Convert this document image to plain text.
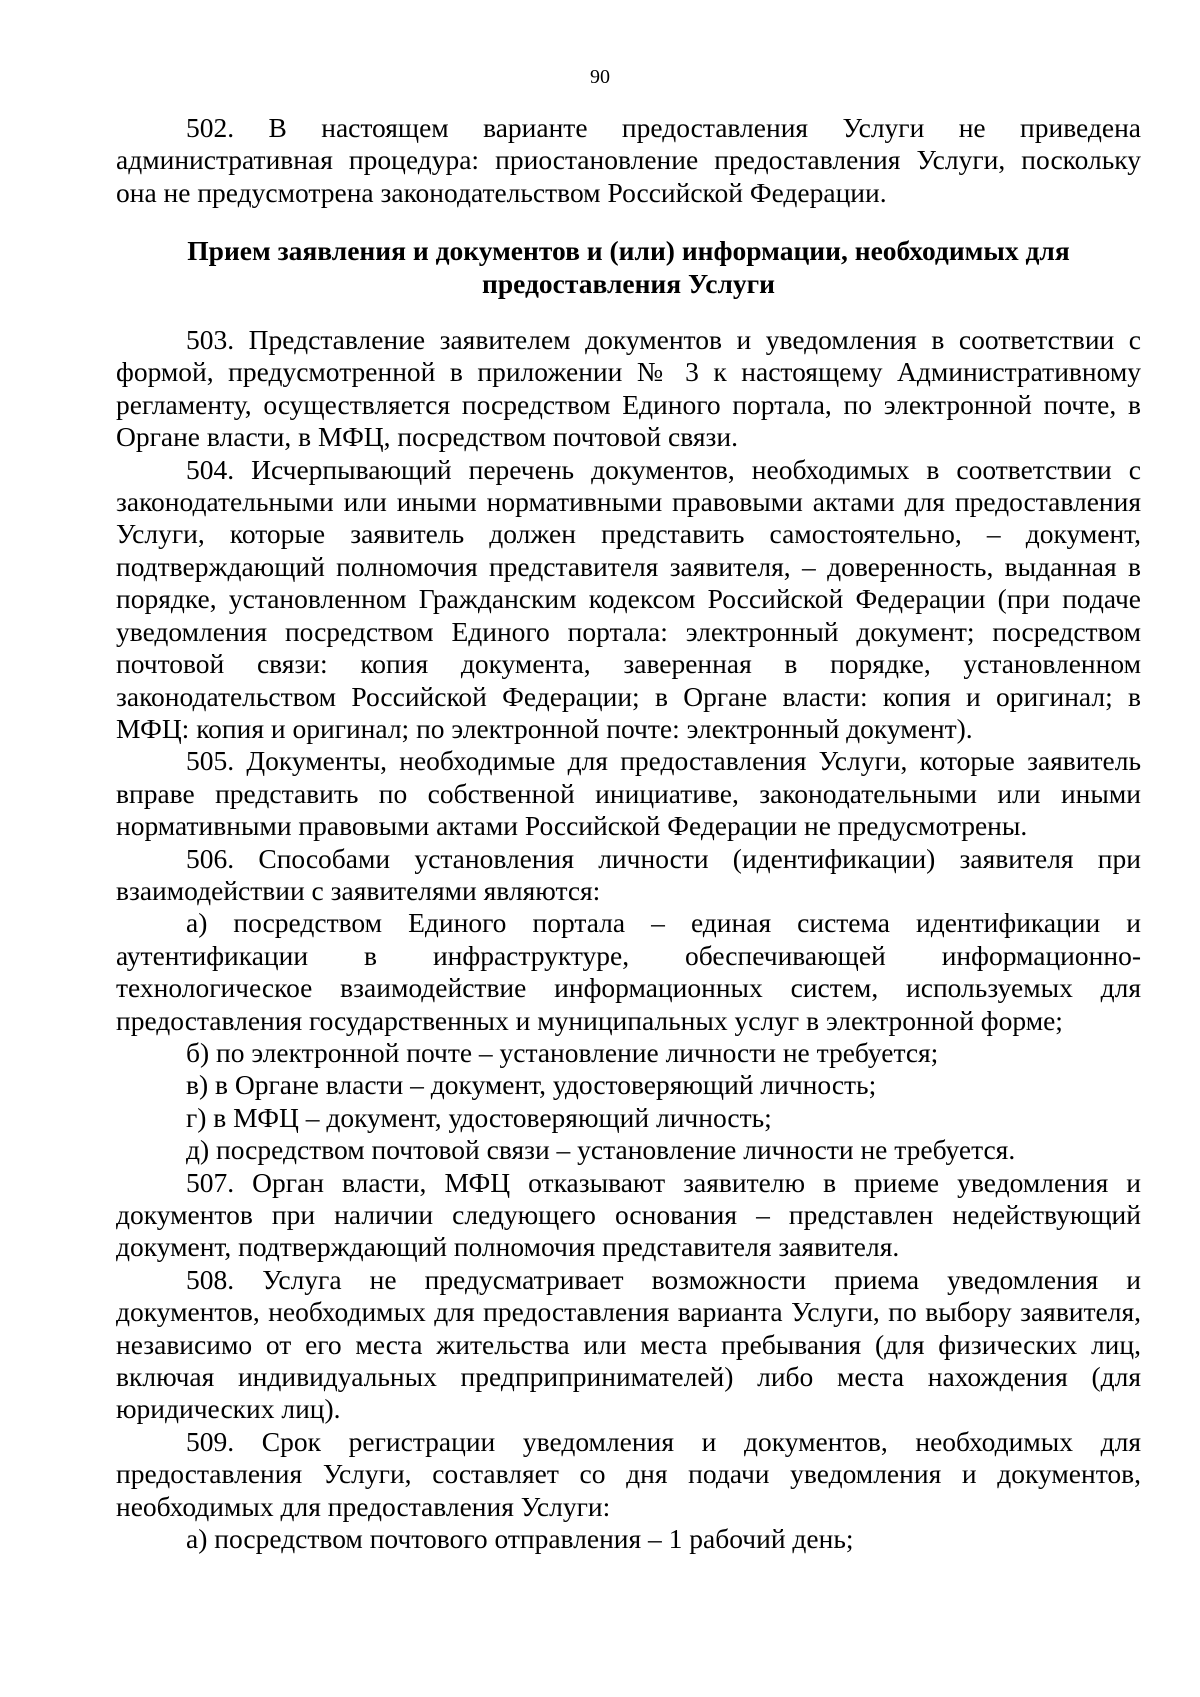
90

502. В настоящем варианте предоставления Услуги не приведена административная процедура: приостановление предоставления Услуги, поскольку она не предусмотрена законодательством Российской Федерации.

Прием заявления и документов и (или) информации, необходимых для предоставления Услуги

503. Представление заявителем документов и уведомления в соответствии с формой, предусмотренной в приложении № 3 к настоящему Административному регламенту, осуществляется посредством Единого портала, по электронной почте, в Органе власти, в МФЦ, посредством почтовой связи.

504. Исчерпывающий перечень документов, необходимых в соответствии с законодательными или иными нормативными правовыми актами для предоставления Услуги, которые заявитель должен представить самостоятельно, – документ, подтверждающий полномочия представителя заявителя, – доверенность, выданная в порядке, установленном Гражданским кодексом Российской Федерации (при подаче уведомления посредством Единого портала: электронный документ; посредством почтовой связи: копия документа, заверенная в порядке, установленном законодательством Российской Федерации; в Органе власти: копия и оригинал; в МФЦ: копия и оригинал; по электронной почте: электронный документ).

505. Документы, необходимые для предоставления Услуги, которые заявитель вправе представить по собственной инициативе, законодательными или иными нормативными правовыми актами Российской Федерации не предусмотрены.

506. Способами установления личности (идентификации) заявителя при взаимодействии с заявителями являются:

а) посредством Единого портала – единая система идентификации и аутентификации в инфраструктуре, обеспечивающей информационно-технологическое взаимодействие информационных систем, используемых для предоставления государственных и муниципальных услуг в электронной форме;

б) по электронной почте – установление личности не требуется;

в) в Органе власти – документ, удостоверяющий личность;

г) в МФЦ – документ, удостоверяющий личность;

д) посредством почтовой связи – установление личности не требуется.

507. Орган власти, МФЦ отказывают заявителю в приеме уведомления и документов при наличии следующего основания – представлен недействующий документ, подтверждающий полномочия представителя заявителя.

508. Услуга не предусматривает возможности приема уведомления и документов, необходимых для предоставления варианта Услуги, по выбору заявителя, независимо от его места жительства или места пребывания (для физических лиц, включая индивидуальных предприпринимателей) либо места нахождения (для юридических лиц).

509. Срок регистрации уведомления и документов, необходимых для предоставления Услуги, составляет со дня подачи уведомления и документов, необходимых для предоставления Услуги:

а) посредством почтового отправления – 1 рабочий день;
